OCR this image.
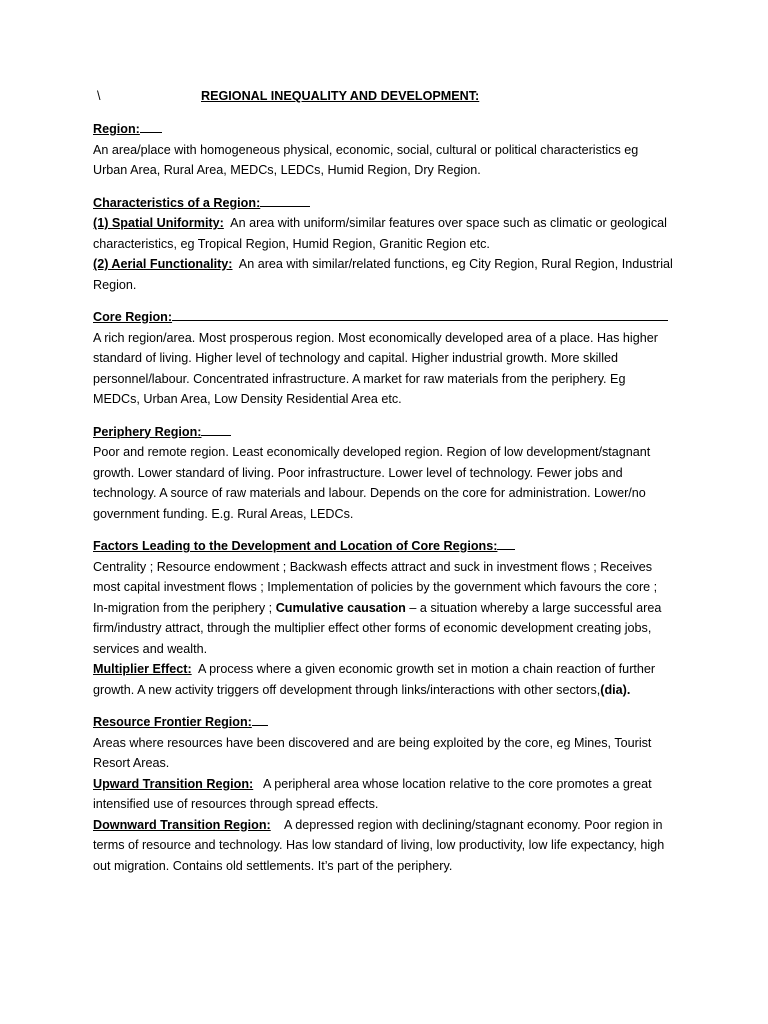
\	REGIONAL INEQUALITY AND DEVELOPMENT:
Region:

An area/place with homogeneous physical, economic, social, cultural or political characteristics eg Urban Area, Rural Area, MEDCs, LEDCs, Humid Region, Dry Region.

Characteristics of a Region:

(1) Spatial Uniformity: An area with uniform/similar features over space such as climatic or geological characteristics, eg Tropical Region, Humid Region, Granitic Region etc.

(2) Aerial Functionality: An area with similar/related functions, eg City Region, Rural Region, Industrial Region.

Core Region:

A rich region/area. Most prosperous region. Most economically developed area of a place. Has higher standard of living. Higher level of technology and capital. Higher industrial growth. More skilled personnel/labour. Concentrated infrastructure. A market for raw materials from the periphery. Eg MEDCs, Urban Area, Low Density Residential Area etc.

Periphery Region:

Poor and remote region. Least economically developed region. Region of low development/stagnant growth. Lower standard of living. Poor infrastructure. Lower level of technology. Fewer jobs and technology. A source of raw materials and labour. Depends on the core for administration. Lower/no government funding. E.g. Rural Areas, LEDCs.

Factors Leading to the Development and Location of Core Regions:

Centrality ; Resource endowment ; Backwash effects attract and suck in investment flows ; Receives most capital investment flows ; Implementation of policies by the government which favours the core ; In-migration from the periphery ; Cumulative causation – a situation whereby a large successful area firm/industry attract, through the multiplier effect other forms of economic development creating jobs, services and wealth.

Multiplier Effect: A process where a given economic growth set in motion a chain reaction of further growth. A new activity triggers off development through links/interactions with other sectors,(dia).

Resource Frontier Region:

Areas where resources have been discovered and are being exploited by the core, eg Mines, Tourist Resort Areas.

Upward Transition Region: A peripheral area whose location relative to the core promotes a great intensified use of resources through spread effects.

Downward Transition Region: A depressed region with declining/stagnant economy. Poor region in terms of resource and technology. Has low standard of living, low productivity, low life expectancy, high out migration. Contains old settlements. It’s part of the periphery.
